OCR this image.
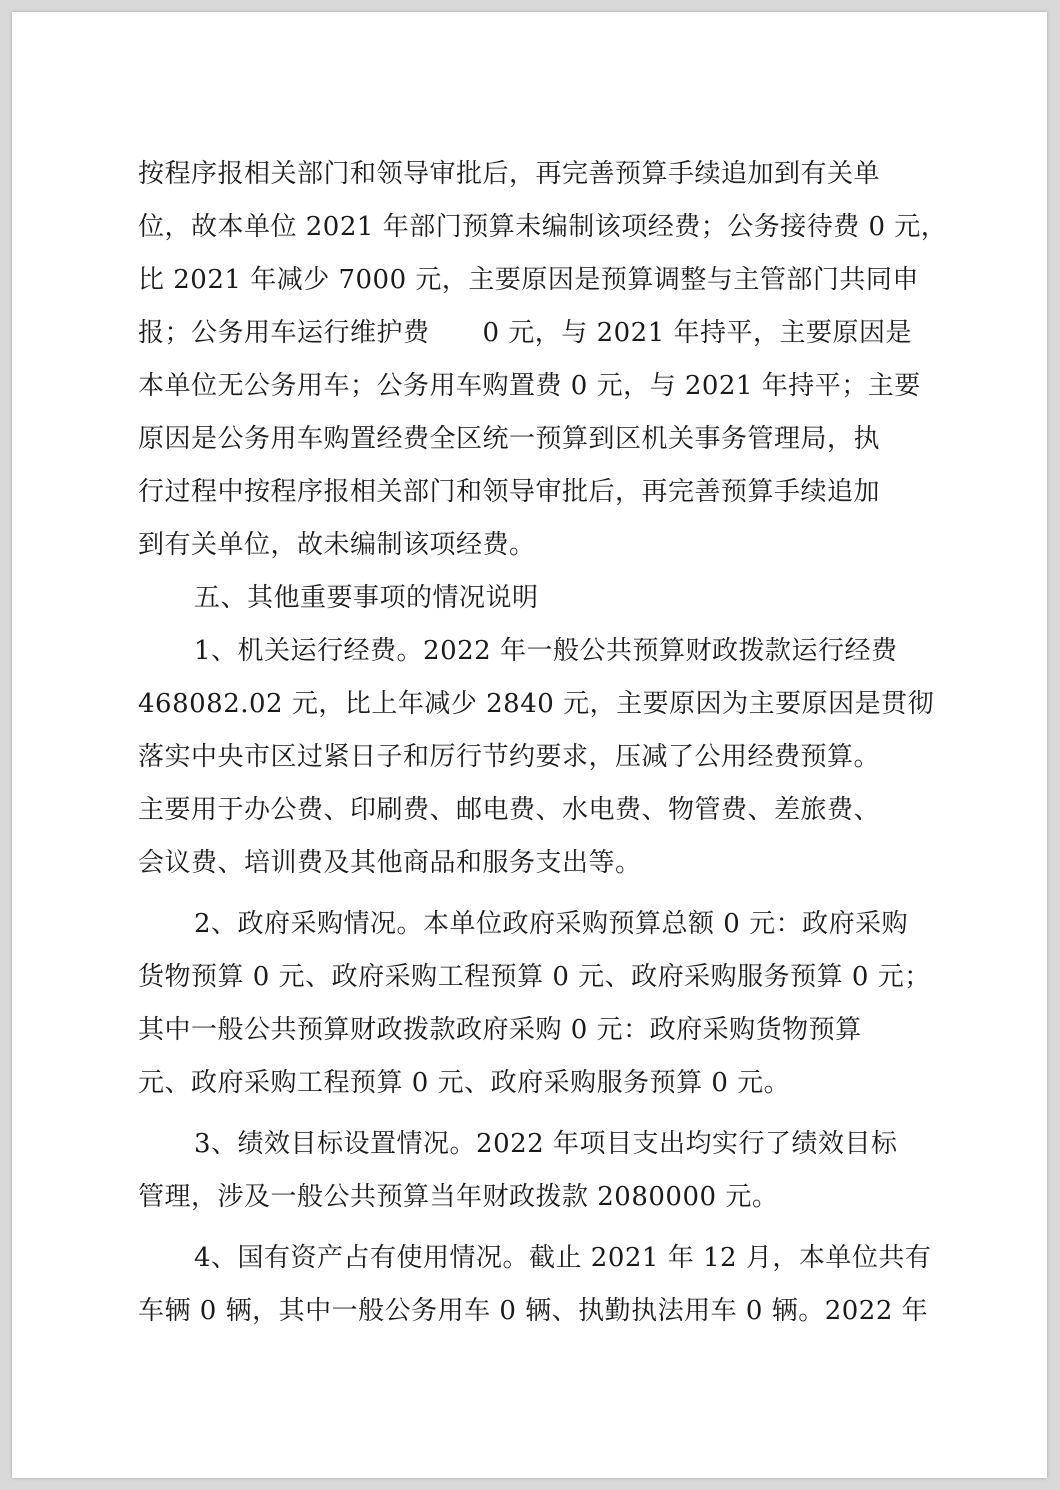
按程序报相关部门和领导审批后，再完善预算手续追加到有关单
位，故本单位 2021 年部门预算未编制该项经费；公务接待费 0 元，
比 2021 年减少 7000 元，主要原因是预算调整与主管部门共同申
报；公务用车运行维护费　　0 元，与 2021 年持平，主要原因是
本单位无公务用车；公务用车购置费 0 元，与 2021 年持平；主要
原因是公务用车购置经费全区统一预算到区机关事务管理局，执
行过程中按程序报相关部门和领导审批后，再完善预算手续追加
到有关单位，故未编制该项经费。
五、其他重要事项的情况说明
1、机关运行经费。2022 年一般公共预算财政拨款运行经费
468082.02 元，比上年减少 2840 元，主要原因为主要原因是贯彻
落实中央市区过紧日子和厉行节约要求，压减了公用经费预算。
主要用于办公费、印刷费、邮电费、水电费、物管费、差旅费、
会议费、培训费及其他商品和服务支出等。
2、政府采购情况。本单位政府采购预算总额 0 元：政府采购
货物预算 0 元、政府采购工程预算 0 元、政府采购服务预算 0 元；
其中一般公共预算财政拨款政府采购 0 元：政府采购货物预算
元、政府采购工程预算 0 元、政府采购服务预算 0 元。
3、绩效目标设置情况。2022 年项目支出均实行了绩效目标
管理，涉及一般公共预算当年财政拨款 2080000 元。
4、国有资产占有使用情况。截止 2021 年 12 月，本单位共有
车辆 0 辆，其中一般公务用车 0 辆、执勤执法用车 0 辆。2022 年
